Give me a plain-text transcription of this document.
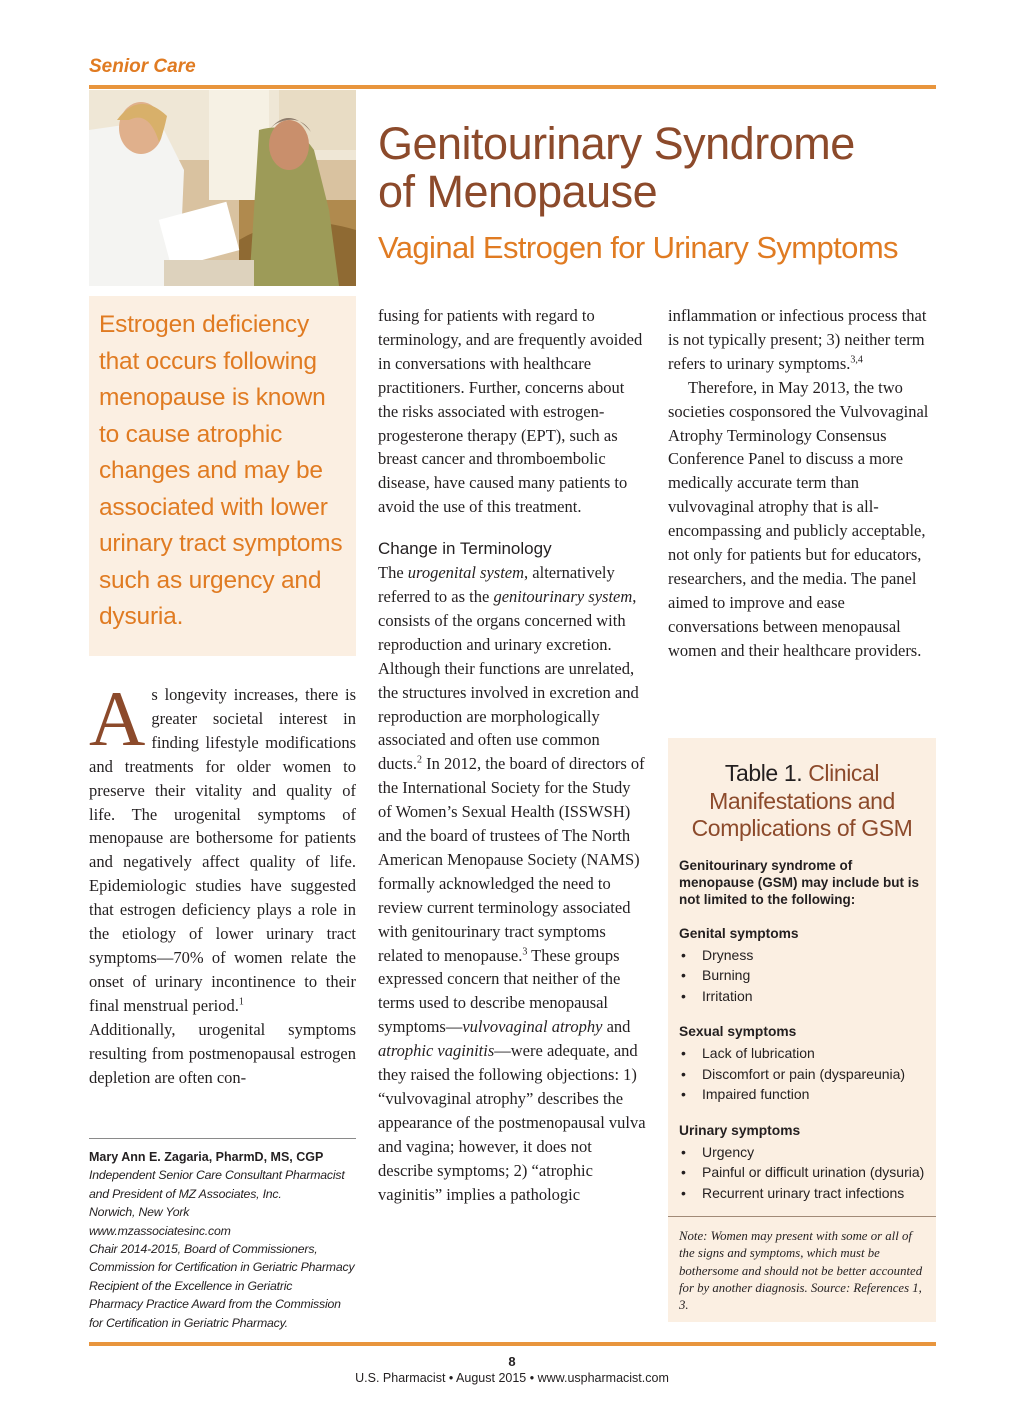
Senior Care
Genitourinary Syndrome
of Menopause
Vaginal Estrogen for Urinary Symptoms
Estrogen deficiency that occurs following menopause is known to cause atrophic changes and may be associated with lower urinary tract symptoms such as urgency and dysuria.
A s longevity increases, there is greater societal interest in finding lifestyle modifications and treatments for older women to preserve their vitality and quality of life. The urogenital symptoms of menopause are bothersome for patients and negatively affect quality of life. Epidemiologic studies have suggested that estrogen deficiency plays a role in the etiology of lower urinary tract symptoms—70% of women relate the onset of urinary incontinence to their final menstrual period.$^1$
Additionally, urogenital symptoms resulting from postmenopausal estrogen depletion are often con-

Mary Ann E. Zagaria, PharmD, MS, CGP
Independent Senior Care Consultant Pharmacist
and President of MZ Associates, Inc.
Norwich, New York
www.mzassociatesinc.com
Chair 2014-2015, Board of Commissioners,
Commission for Certification in Geriatric Pharmacy
Recipient of the Excellence in Geriatric
Pharmacy Practice Award from the Commission
for Certification in Geriatric Pharmacy.

fusing for patients with regard to terminology, and are frequently avoided in conversations with healthcare practitioners. Further, concerns about the risks associated with estrogen-progesterone therapy (EPT), such as breast cancer and thromboembolic disease, have caused many patients to avoid the use of this treatment.

Change in Terminology

The urogenital system, alternatively referred to as the genitourinary system, consists of the organs concerned with reproduction and urinary excretion. Although their functions are unrelated, the structures involved in excretion and reproduction are morphologically associated and often use common ducts.$^2$ In 2012, the board of directors of the International Society for the Study of Women’s Sexual Health (ISSWSH) and the board of trustees of The North American Menopause Society (NAMS) formally acknowledged the need to review current terminology associated with genitourinary tract symptoms related to menopause.$^3$ These groups expressed concern that neither of the terms used to describe menopausal symptoms—vulvovaginal atrophy and atrophic vaginitis—were adequate, and they raised the following objections: 1) “vulvovaginal atrophy” describes the appearance of the postmenopausal vulva and vagina; however, it does not describe symptoms; 2) “atrophic vaginitis” implies a pathologic

inflammation or infectious process that is not typically present; 3) neither term refers to urinary symptoms.$^{3,4}$

Therefore, in May 2013, the two societies cosponsored the Vulvovaginal Atrophy Terminology Consensus Conference Panel to discuss a more medically accurate term than vulvovaginal atrophy that is all-encompassing and publicly acceptable, not only for patients but for educators, researchers, and the media. The panel aimed to improve and ease conversations between menopausal women and their healthcare providers.

Table 1. Clinical
Manifestations and
Complications of GSM
Genitourinary syndrome of menopause (GSM) may include but is not limited to the following:
Genital symptoms
• Dryness
• Burning
• Irritation
Sexual symptoms
• Lack of lubrication
• Discomfort or pain (dyspareunia)
• Impaired function
Urinary symptoms
• Urgency
• Painful or difficult urination (dysuria)
• Recurrent urinary tract infections
Note: Women may present with some or all of the signs and symptoms, which must be bothersome and should not be better accounted for by another diagnosis. Source: References 1, 3.
8
U.S. Pharmacist • August 2015 • www.uspharmacist.com
